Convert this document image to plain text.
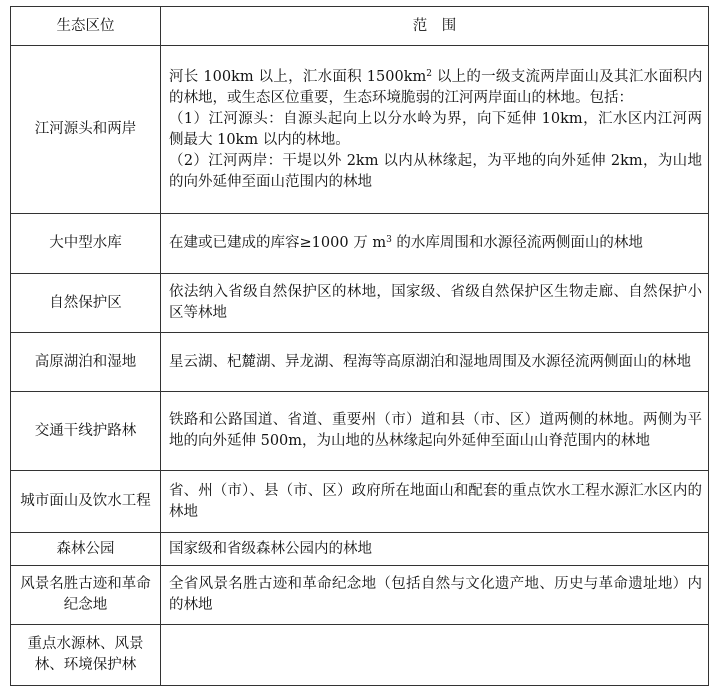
生态区位	范　围
江河源头和两岸	河长 100km 以上，汇水面积 $1500km^2$ 以上的一级支流两岸面山及其汇水面积内的林地，或生态区位重要，生态环境脆弱的江河两岸面山的林地。包括：

（1）江河源头：自源头起向上以分水岭为界，向下延伸 10km，汇水区内江河两侧最大 10km 以内的林地。

（2）江河两岸：干堤以外 2km 以内从林缘起，为平地的向外延伸 2km，为山地的向外延伸至面山范围内的林地

大中型水库	在建或已建成的库容≥1000 万 $m^3$ 的水库周围和水源径流两侧面山的林地

自然保护区	依法纳入省级自然保护区的林地，国家级、省级自然保护区生物走廊、自然保护小区等林地

高原湖泊和湿地	星云湖、杞麓湖、异龙湖、程海等高原湖泊和湿地周围及水源径流两侧面山的林地

交通干线护路林	铁路和公路国道、省道、重要州（市）道和县（市、区）道两侧的林地。两侧为平地的向外延伸 500m，为山地的丛林缘起向外延伸至面山山脊范围内的林地

城市面山及饮水工程	省、州（市）、县（市、区）政府所在地面山和配套的重点饮水工程水源汇水区内的林地

森林公园	国家级和省级森林公园内的林地

风景名胜古迹和革命纪念地	全省风景名胜古迹和革命纪念地（包括自然与文化遗产地、历史与革命遗址地）内的林地

重点水源林、风景林、环境保护林	
